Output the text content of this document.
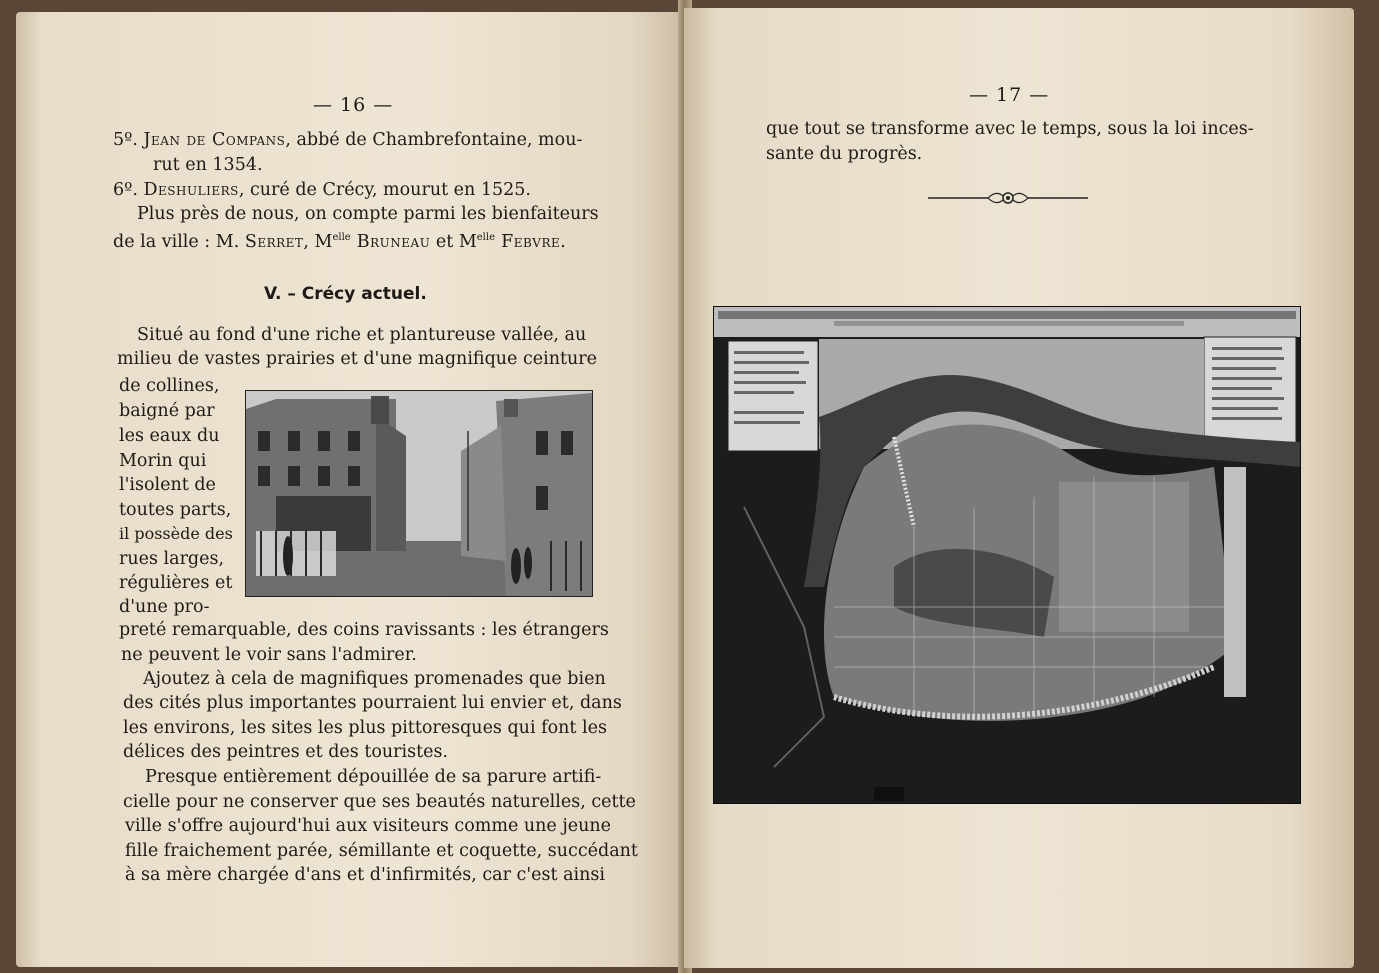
— 16 —
5º. Jean de Compans, abbé de Chambrefontaine, mou-
rut en 1354.
6º. Deshuliers, curé de Crécy, mourut en 1525.
Plus près de nous, on compte parmi les bienfaiteurs
de la ville : M. Serret, $M^{elle}$ Bruneau et $M^{elle}$ Febvre.
V. – Crécy actuel.
Situé au fond d'une riche et plantureuse vallée, au
milieu de vastes prairies et d'une magnifique ceinture
de collines,
baigné par
les eaux du
Morin qui
l'isolent de
toutes parts,
il possède des
rues larges,
régulières et
d'une pro-
preté remarquable, des coins ravissants : les étrangers
ne peuvent le voir sans l'admirer.
Ajoutez à cela de magnifiques promenades que bien
des cités plus importantes pourraient lui envier et, dans
les environs, les sites les plus pittoresques qui font les
délices des peintres et des touristes.
Presque entièrement dépouillée de sa parure artifi-
cielle pour ne conserver que ses beautés naturelles, cette
ville s'offre aujourd'hui aux visiteurs comme une jeune
fille fraichement parée, sémillante et coquette, succédant
à sa mère chargée d'ans et d'infirmités, car c'est ainsi
— 17 —
que tout se transforme avec le temps, sous la loi inces-
sante du progrès.
